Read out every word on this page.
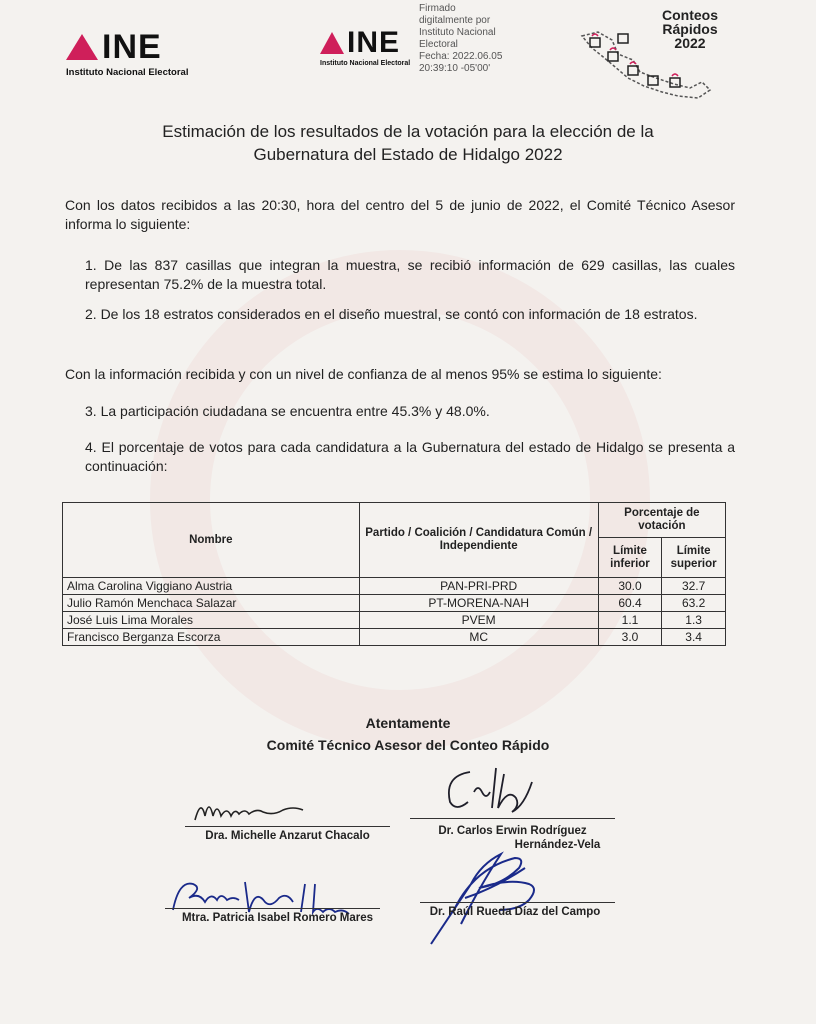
INE
Instituto Nacional Electoral
INE
Instituto Nacional Electoral
Firmado
digitalmente por
Instituto Nacional
Electoral
Fecha: 2022.06.05
20:39:10 -05'00'
Conteos
Rápidos
2022
Estimación de los resultados de la votación para la elección de la
Gubernatura del Estado de Hidalgo 2022
Con los datos recibidos a las 20:30, hora del centro del 5 de junio de 2022, el Comité Técnico Asesor informa lo siguiente:
1. De las 837 casillas que integran la muestra, se recibió información de 629 casillas, las cuales representan 75.2% de la muestra total.
2. De los 18 estratos considerados en el diseño muestral, se contó con información de 18 estratos.
Con la información recibida y con un nivel de confianza de al menos 95% se estima lo siguiente:
3. La participación ciudadana se encuentra entre 45.3% y 48.0%.
4. El porcentaje de votos para cada candidatura a la Gubernatura del estado de Hidalgo se presenta a continuación:
Nombre	Partido / Coalición / Candidatura Común / Independiente	Porcentaje de votación	
		Límite inferior	Límite superior
Alma Carolina Viggiano Austria	PAN-PRI-PRD	30.0	32.7
Julio Ramón Menchaca Salazar	PT-MORENA-NAH	60.4	63.2
José Luis Lima Morales	PVEM	1.1	1.3
Francisco Berganza Escorza	MC	3.0	3.4
Atentamente
Comité Técnico Asesor del Conteo Rápido
Dra. Michelle Anzarut Chacalo	Dr. Carlos Erwin Rodríguez
Hernández-Vela
Mtra. Patricia Isabel Romero Mares	Dr. Raúl Rueda Díaz del Campo
